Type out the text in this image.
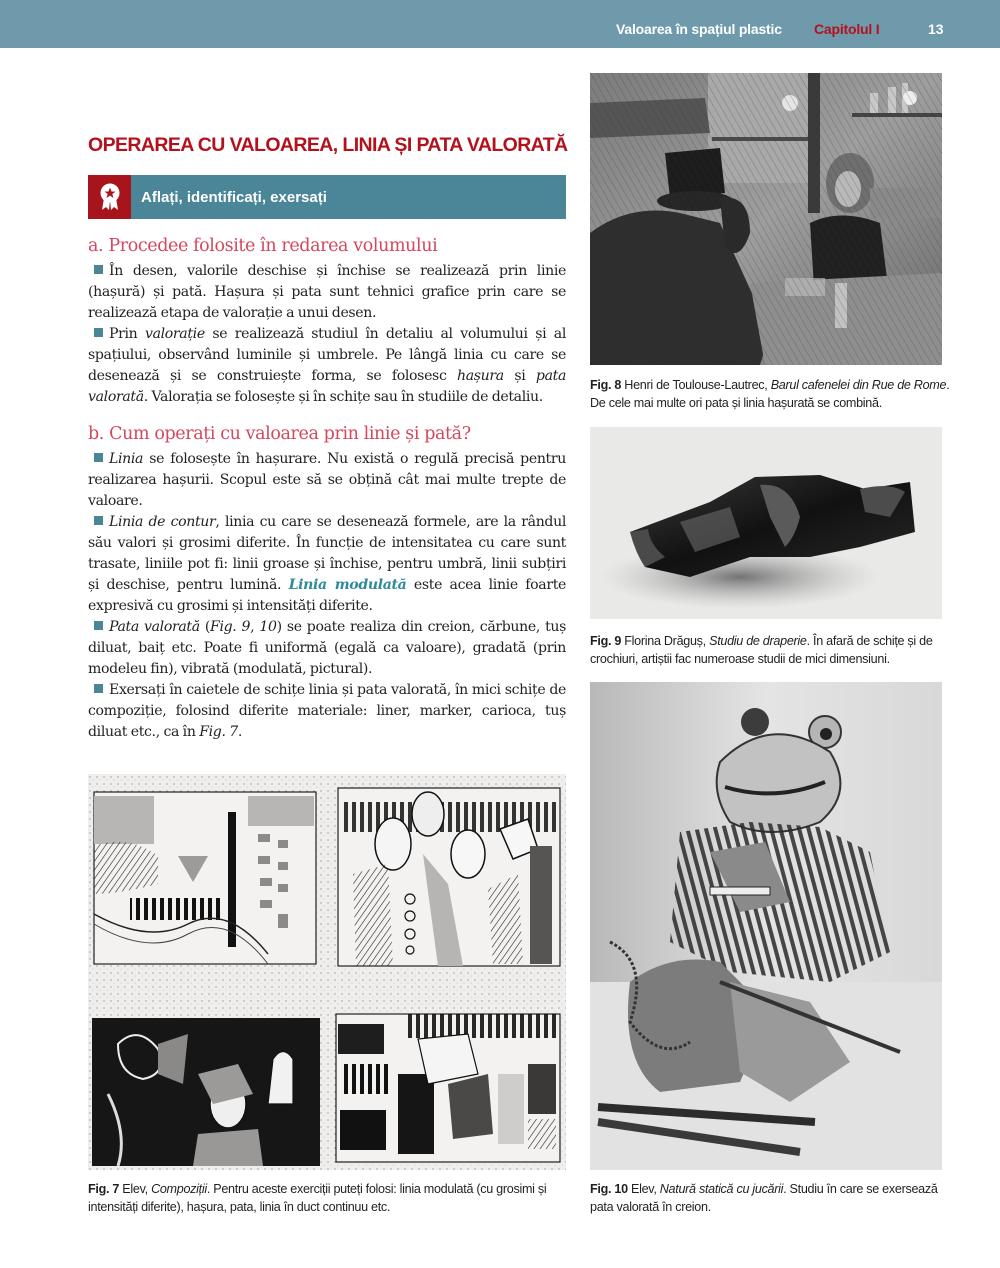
Valoarea în spațiul plastic Capitolul I	13
OPERAREA CU VALOAREA, LINIA ȘI PATA VALORATĂ
Aflați, identificați, exersați
a. Procedee folosite în redarea volumului

În desen, valorile deschise și închise se realizează prin linie (hașură) și pată. Hașura și pata sunt tehnici grafice prin care se realizează etapa de valorație a unui desen.

Prin valorație se realizează studiul în detaliu al volumului și al spațiului, observând luminile și umbrele. Pe lângă linia cu care se desenează și se construiește forma, se folosesc hașura și pata valorată. Valorația se folosește și în schițe sau în studiile de detaliu.

b. Cum operați cu valoarea prin linie și pată?

Linia se folosește în hașurare. Nu există o regulă precisă pentru realizarea hașurii. Scopul este să se obțină cât mai multe trepte de valoare.

Linia de contur, linia cu care se desenează formele, are la rândul său valori și grosimi diferite. În funcție de intensitatea cu care sunt trasate, liniile pot fi: linii groase și închise, pentru umbră, linii subțiri și deschise, pentru lumină. Linia modulată este acea linie foarte expresivă cu grosimi și intensități diferite.

Pata valorată (Fig. 9, 10) se poate realiza din creion, cărbune, tuș diluat, baiț etc. Poate fi uniformă (egală ca valoare), gradată (prin modeleu fin), vibrată (modulată, pictural).

Exersați în caietele de schițe linia și pata valorată, în mici schițe de compoziție, folosind diferite materiale: liner, marker, carioca, tuș diluat etc., ca în Fig. 7.

Fig. 7 Elev, Compoziții. Pentru aceste exerciții puteți folosi: linia modulată (cu grosimi și intensități diferite), hașura, pata, linia în duct continuu etc.
Fig. 8 Henri de Toulouse-Lautrec, Barul cafenelei din Rue de Rome. De cele mai multe ori pata și linia hașurată se combină.
Fig. 9 Florina Drăguș, Studiu de draperie. În afară de schițe și de crochiuri, artiștii fac numeroase studii de mici dimensiuni.
Fig. 10 Elev, Natură statică cu jucării. Studiu în care se exersează pata valorată în creion.
